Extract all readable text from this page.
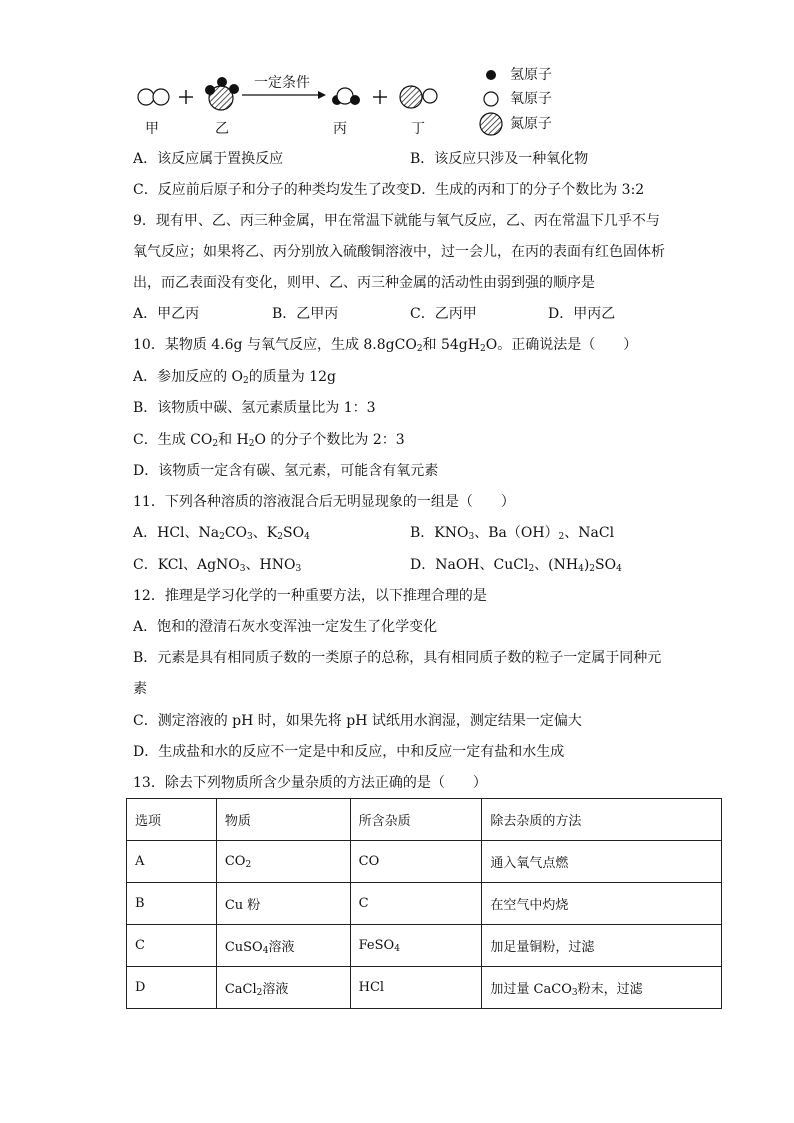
一定条件
甲	乙	丙	丁
氢原子
氧原子
氮原子
A．该反应属于置换反应	B．该反应只涉及一种氧化物
C．反应前后原子和分子的种类均发生了改变 D．生成的丙和丁的分子个数比为 3:2
9．现有甲、乙、丙三种金属，甲在常温下就能与氧气反应，乙、丙在常温下几乎不与
氧气反应；如果将乙、丙分别放入硫酸铜溶液中，过一会儿，在丙的表面有红色固体析
出，而乙表面没有变化，则甲、乙、丙三种金属的活动性由弱到强的顺序是
A．甲乙丙	B．乙甲丙	C．乙丙甲	D．甲丙乙
10．某物质 4.6g 与氧气反应，生成 8.8gCO$_2$和 $54gH_2O$。正确说法是（　　）
A．参加反应的 $O_2$的质量为 12g
B．该物质中碳、氢元素质量比为 1：3
C．生成 $CO_2$和 $H_2O$ 的分子个数比为 2：3
D．该物质一定含有碳、氢元素，可能含有氧元素
11．下列各种溶质的溶液混合后无明显现象的一组是（　　）
A．HCl、$Na_2CO_3$、$K_2SO_4$	B．$KNO_3$、$Ba(OH)_2$、NaCl
C．KCl、AgNO$_3$、$HNO_3$	D．NaOH、CuCl$_2$、$(NH_4)_2SO_4$
12．推理是学习化学的一种重要方法，以下推理合理的是
A．饱和的澄清石灰水变浑浊一定发生了化学变化
B．元素是具有相同质子数的一类原子的总称，具有相同质子数的粒子一定属于同种元
素
C．测定溶液的 pH 时，如果先将 pH 试纸用水润湿，测定结果一定偏大
D．生成盐和水的反应不一定是中和反应，中和反应一定有盐和水生成
13．除去下列物质所含少量杂质的方法正确的是（　　）
选项	物质	所含杂质	除去杂质的方法
A	$CO_2$	CO	通入氧气点燃
B	Cu 粉	C	在空气中灼烧
C	CuSO$_4$溶液	FeSO$_4$	加足量铜粉，过滤
D	CaCl$_2$溶液	HCl	加过量 CaCO$_3$粉末，过滤
